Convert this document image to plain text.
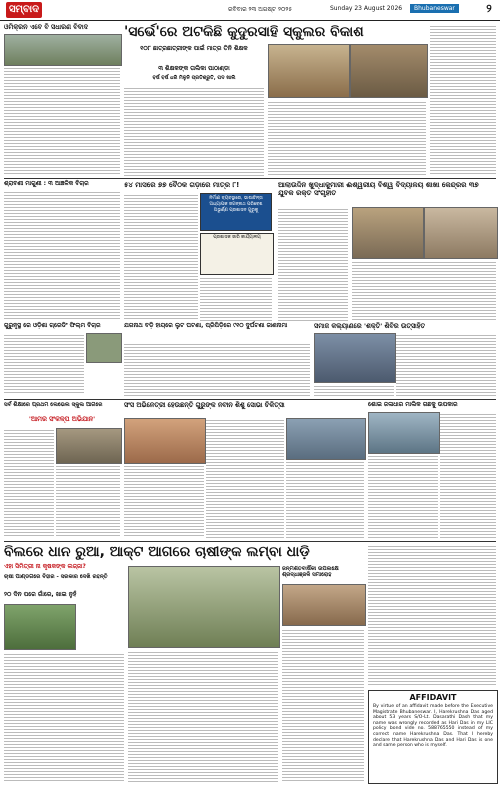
ସମ୍ବାଦ	ରବିବାର ୨୩ ଅଗଷ୍ଟ ୨୦୨୫	Sunday 23 August 2026	Bhubaneswar	୨
ଓମିକ୍ରନ ଏବେ ବି ସଧାରଣ ବିବାଦ	'ସର୍ଭେ'ରେ ଅଟକିଛି କୁଦୁରସାହି ସ୍କୁଲର ବିକାଶ
୧୦୮ ଛାତ୍ରଛାତ୍ରୀଙ୍କ ପାଇଁ ମାତ୍ର ତିନି ଶିକ୍ଷକ
୩ ଶିକ୍ଷକଙ୍କ ତାଲିକା ପାଠାଣ୍ଡା
ବର୍ଷ ବର୍ଷ ଧରି ମିଳୁନି ପ୍ରତିଶ୍ରୁତି, ପଦ ଖାଲି
ଶ୍ରାବଣୀ ମାଗୁଣୀ : ୩ ଆଞ୍ଚଳିକ ବିଚାର	୫୪ ମାସରେ ୭୭ ବୈଠକ ଗଡ଼ାରେ ମାତ୍ର ୮!
ନିର୍ମାଣ ବ୍ୟବସ୍ଥାରେ, ଭାଷାଚିନ୍ତା ଅଧ୍ୟାପକ ଜଗନ୍ନାଥ ପରିବେଶ ଅଭୁର୍ଣ୍ଣ ପ୍ରଶାସନ ଗୁରୁକୁ
ପ୍ରଶାସକ ଜାରି କାର୍ଯ୍ୟାଳୟ
ଆଲାଉଦ୍ଦିନ ଖୁଦ୍ଧାକୁମାରୀ ଈଶ୍ୱରୀୟ ବିଶ୍ୱ ବିଦ୍ୟାଳୟ ଶାଖା କେନ୍ଦ୍ରର ୩୭ ଯୁବକ ରକ୍ତ ସଂଗୃହୀତ
ଗୁରୁନୃସ୍ଥ ରେ ଓଡ଼ିଶା ଗ୍ରେଡିଂ ଫିଲ୍ମ ବିଚାର	ଯଗନାଥ ବଡ଼ି ହାୟରେ ଲୁଟ ଘଟଣା, ପ୍ରିପିଡ଼ିରେ ୯୧୦ ଦୁର୍ଘଟଣା ଜାଣନାମା	ସମାଜ କଲ୍ୟାଣରେ 'ଶକ୍ତି' ଶିବିର ଉତ୍ସାହିତ
ସର୍ବ ଶିକ୍ଷାରେ ପ୍ରଥମ ଲେଭେଲ ସ୍କୁଲ ଆଗରେ
'ଆମର ସଂକଳ୍ପ ଅଭିଯାନ'
ସଂସ ଅଭିନେତ୍ରୀ ହେଉଛନ୍ତି ଗୁରୁଙ୍କ ନବୀନ ଶିଶୁ ସୋଭା ଚିକିତ୍ସା	ଶୋଇ ଜଳାଧାର ମାଲିକ ଗଛକୁ ଉପକାର
ବିଲରେ ଧାନ ରୁଆ, ଆକ୍ଟ ଆଗରେ ଚାଷୀଙ୍କ ଲମ୍ବା ଧାଡ଼ି
ଏହା ସିମିତ୍ରୀ ନା କୃଷକଙ୍କ ଲଜ୍ଜା?
ଚାଷୀ ପାଣ୍ଡଗରେ ବିହାର - ସରକାର ଦେଖି ରହନ୍ତି
୨୦ ଦିନ ପରେ ଗାଁରେ, ଖାଇ ନୁହଁ
ଜନ୍ମଶତବାର୍ଷିକୀ ଉପଲକ୍ଷେ ଶ୍ରଦ୍ଧାଞ୍ଜଳି ସମାରୋହ
AFFIDAVIT
By virtue of an affidavit made before the Executive Magistrate Bhubaneswar. I, Harekrushna Das aged about 53 years S/O-Lt. Dasarathi Dash that my name was wrongly recorded as Hari Das in my LIC policy bond vide no. 588765550 instead of my correct name Harekrushna Das. That I hereby declare that Harekrushna Das and Hari Das is one and same person who is myself.
